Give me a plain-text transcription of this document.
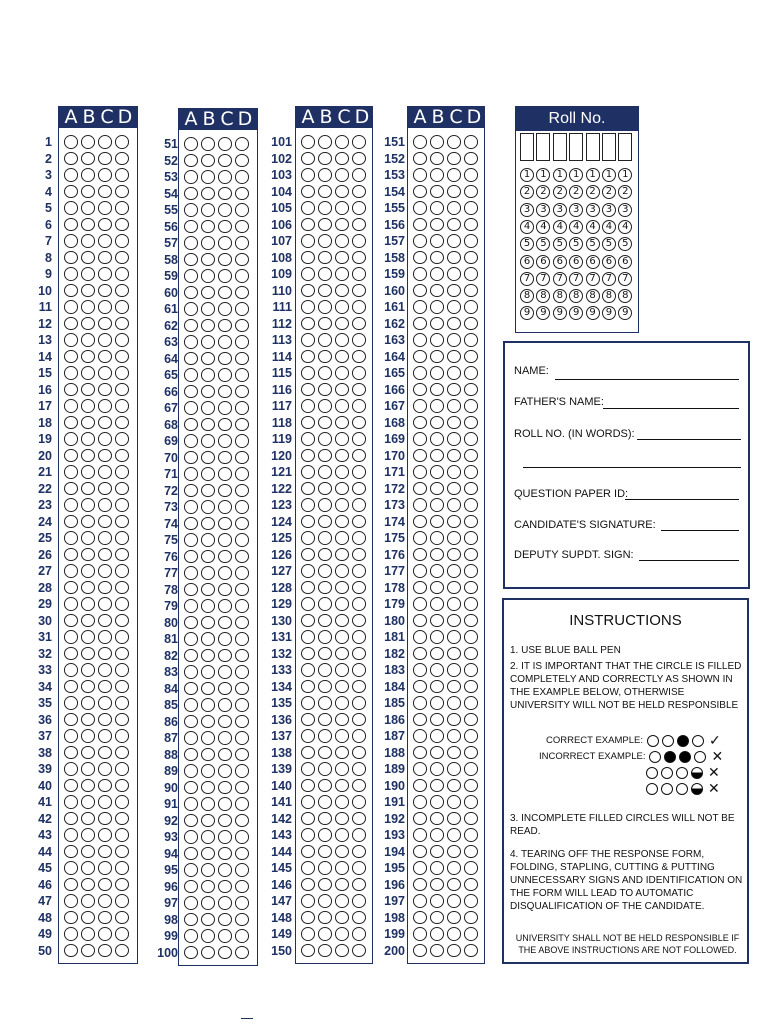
A B C D
1
2
3
4
5
6
7
8
9
10
11
12
13
14
15
16
17
18
19
20
21
22
23
24
25
26
27
28
29
30
31
32
33
34
35
36
37
38
39
40
41
42
43
44
45
46
47
48
49
50
A B C D
51
52
53
54
55
56
57
58
59
60
61
62
63
64
65
66
67
68
69
70
71
72
73
74
75
76
77
78
79
80
81
82
83
84
85
86
87
88
89
90
91
92
93
94
95
96
97
98
99
100
A B C D
101
102
103
104
105
106
107
108
109
110
111
112
113
114
115
116
117
118
119
120
121
122
123
124
125
126
127
128
129
130
131
132
133
134
135
136
137
138
139
140
141
142
143
144
145
146
147
148
149
150
A B C D
151
152
153
154
155
156
157
158
159
160
161
162
163
164
165
166
167
168
169
170
171
172
173
174
175
176
177
178
179
180
181
182
183
184
185
186
187
188
189
190
191
192
193
194
195
196
197
198
199
200
Roll No.
1	1	1	1	1	1	1
2	2	2	2	2	2	2
3	3	3	3	3	3	3
4	4	4	4	4	4	4
5	5	5	5	5	5	5
6	6	6	6	6	6	6
7	7	7	7	7	7	7
8	8	8	8	8	8	8
9	9	9	9	9	9	9
NAME:
FATHER'S NAME:
ROLL NO. (IN WORDS):
QUESTION PAPER ID:
CANDIDATE'S SIGNATURE:
DEPUTY SUPDT. SIGN:
INSTRUCTIONS
1. USE BLUE BALL PEN
2. IT IS IMPORTANT THAT THE CIRCLE IS FILLED COMPLETELY AND CORRECTLY AS SHOWN IN THE EXAMPLE BELOW, OTHERWISE UNIVERSITY WILL NOT BE HELD RESPONSIBLE
CORRECT EXAMPLE:	✓
INCORRECT EXAMPLE:	✕
✕
✕
3. INCOMPLETE FILLED CIRCLES WILL NOT BE READ.
4. TEARING OFF THE RESPONSE FORM, FOLDING, STAPLING, CUTTING & PUTTING UNNECESSARY SIGNS AND IDENTIFICATION ON THE FORM WILL LEAD TO AUTOMATIC DISQUALIFICATION OF THE CANDIDATE.
UNIVERSITY SHALL NOT BE HELD RESPONSIBLE IF THE ABOVE INSTRUCTIONS ARE NOT FOLLOWED.
